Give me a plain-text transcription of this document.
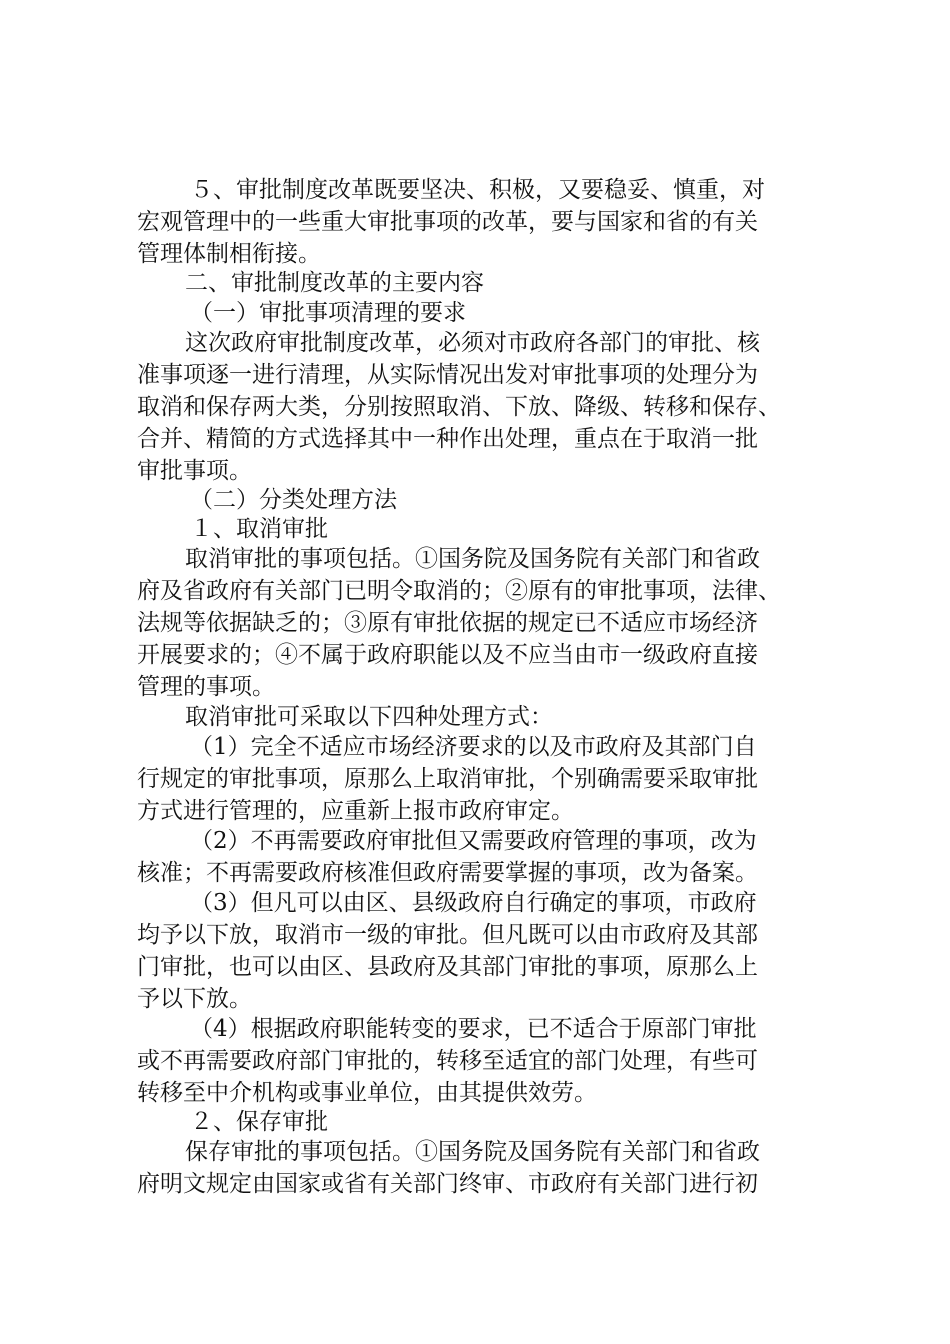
５、审批制度改革既要坚决、积极，又要稳妥、慎重，对

宏观管理中的一些重大审批事项的改革，要与国家和省的有关

管理体制相衔接。

二、审批制度改革的主要内容

（一）审批事项清理的要求

这次政府审批制度改革，必须对市政府各部门的审批、核

准事项逐一进行清理，从实际情况出发对审批事项的处理分为

取消和保存两大类，分别按照取消、下放、降级、转移和保存、

合并、精简的方式选择其中一种作出处理，重点在于取消一批

审批事项。

（二）分类处理方法

１、取消审批

取消审批的事项包括。①国务院及国务院有关部门和省政

府及省政府有关部门已明令取消的；②原有的审批事项，法律、

法规等依据缺乏的；③原有审批依据的规定已不适应市场经济

开展要求的；④不属于政府职能以及不应当由市一级政府直接

管理的事项。

取消审批可采取以下四种处理方式：

（1）完全不适应市场经济要求的以及市政府及其部门自

行规定的审批事项，原那么上取消审批，个别确需要采取审批

方式进行管理的，应重新上报市政府审定。

（2）不再需要政府审批但又需要政府管理的事项，改为

核准；不再需要政府核准但政府需要掌握的事项，改为备案。

（3）但凡可以由区、县级政府自行确定的事项，市政府

均予以下放，取消市一级的审批。但凡既可以由市政府及其部

门审批，也可以由区、县政府及其部门审批的事项，原那么上

予以下放。

（4）根据政府职能转变的要求，已不适合于原部门审批

或不再需要政府部门审批的，转移至适宜的部门处理，有些可

转移至中介机构或事业单位，由其提供效劳。

２、保存审批

保存审批的事项包括。①国务院及国务院有关部门和省政

府明文规定由国家或省有关部门终审、市政府有关部门进行初
